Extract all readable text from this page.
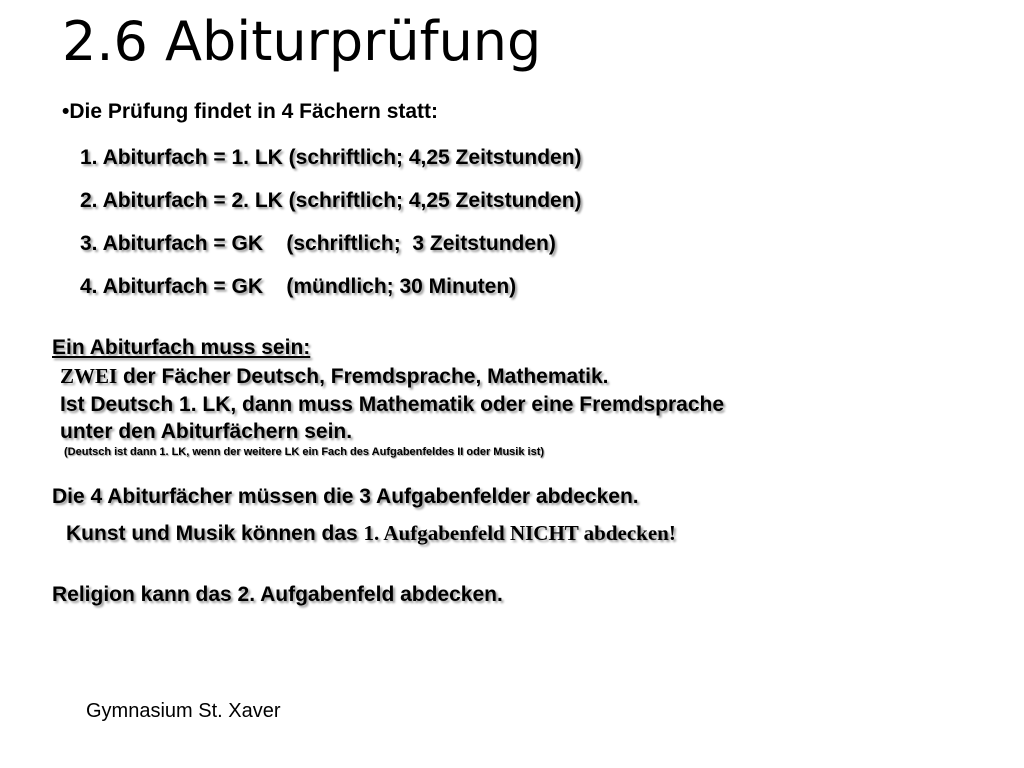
2.6 Abiturprüfung
•Die Prüfung findet in 4 Fächern statt:
1. Abiturfach = 1. LK (schriftlich; 4,25 Zeitstunden)
2. Abiturfach = 2. LK (schriftlich; 4,25 Zeitstunden)
3. Abiturfach = GK    (schriftlich;  3 Zeitstunden)
4. Abiturfach = GK    (mündlich; 30 Minuten)
Ein Abiturfach muss sein:
ZWEI der Fächer Deutsch, Fremdsprache, Mathematik.
Ist Deutsch 1. LK, dann muss Mathematik oder eine Fremdsprache
unter den Abiturfächern sein.
(Deutsch ist dann 1. LK, wenn der weitere LK ein Fach des Aufgabenfeldes II oder Musik ist)
Die 4 Abiturfächer müssen die 3 Aufgabenfelder abdecken.
Kunst und Musik können das 1. Aufgabenfeld NICHT abdecken!
Religion kann das 2. Aufgabenfeld abdecken.
Gymnasium St. Xaver
